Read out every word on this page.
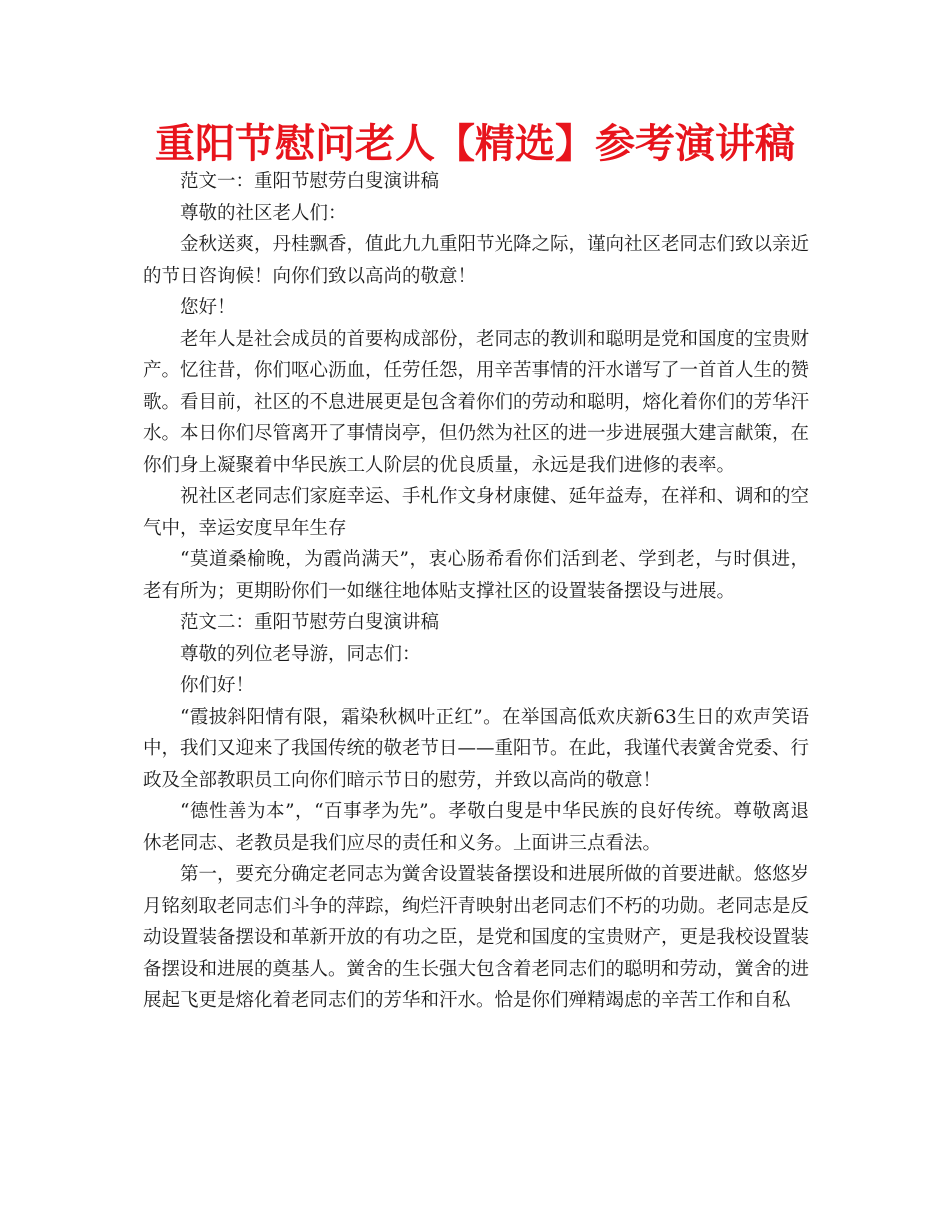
重阳节慰问老人【精选】参考演讲稿

范文一：重阳节慰劳白叟演讲稿

尊敬的社区老人们：

金秋送爽，丹桂飘香，值此九九重阳节光降之际，谨向社区老同志们致以亲近的节日咨询候！向你们致以高尚的敬意！

您好！

老年人是社会成员的首要构成部份，老同志的教训和聪明是党和国度的宝贵财产。忆往昔，你们呕心沥血，任劳任怨，用辛苦事情的汗水谱写了一首首人生的赞歌。看目前，社区的不息进展更是包含着你们的劳动和聪明，熔化着你们的芳华汗水。本日你们尽管离开了事情岗亭，但仍然为社区的进一步进展强大建言献策，在你们身上凝聚着中华民族工人阶层的优良质量，永远是我们进修的表率。

祝社区老同志们家庭幸运、手札作文身材康健、延年益寿，在祥和、调和的空气中，幸运安度早年生存

“莫道桑榆晚，为霞尚满天”，衷心肠希看你们活到老、学到老，与时俱进，老有所为；更期盼你们一如继往地体贴支撑社区的设置装备摆设与进展。

范文二：重阳节慰劳白叟演讲稿

尊敬的列位老导游，同志们：

你们好！

“霞披斜阳情有限，霜染秋枫叶正红”。在举国高低欢庆新63生日的欢声笑语中，我们又迎来了我国传统的敬老节日——重阳节。在此，我谨代表黉舍党委、行政及全部教职员工向你们暗示节日的慰劳，并致以高尚的敬意！

“德性善为本”，“百事孝为先”。孝敬白叟是中华民族的良好传统。尊敬离退休老同志、老教员是我们应尽的责任和义务。上面讲三点看法。

第一，要充分确定老同志为黉舍设置装备摆设和进展所做的首要进献。悠悠岁月铭刻取老同志们斗争的萍踪，绚烂汗青映射出老同志们不朽的功勋。老同志是反动设置装备摆设和革新开放的有功之臣，是党和国度的宝贵财产，更是我校设置装备摆设和进展的奠基人。黉舍的生长强大包含着老同志们的聪明和劳动，黉舍的进展起飞更是熔化着老同志们的芳华和汗水。恰是你们殚精竭虑的辛苦工作和自私
